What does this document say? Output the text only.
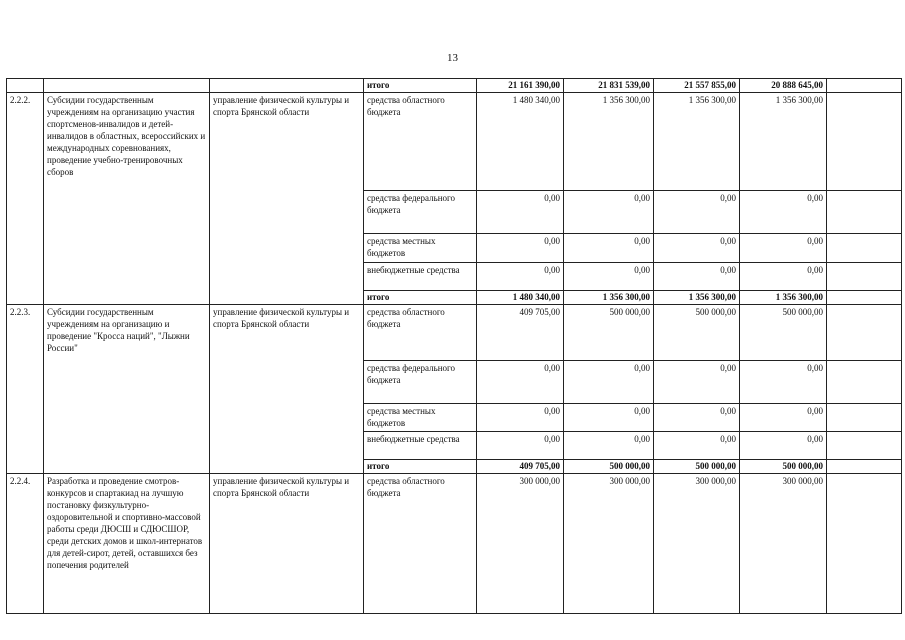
13
			итого	21 161 390,00	21 831 539,00	21 557 855,00	20 888 645,00	
2.2.2.	Субсидии государственным учреждениям на организацию участия спортсменов-инвалидов и детей-инвалидов в областных, всероссийских и международных соревнованиях, проведение учебно-тренировочных сборов	управление физической культуры и спорта Брянской области	средства областного бюджета	1 480 340,00	1 356 300,00	1 356 300,00	1 356 300,00	
			средства федерального бюджета	0,00	0,00	0,00	0,00	
			средства местных бюджетов	0,00	0,00	0,00	0,00	
			внебюджетные средства	0,00	0,00	0,00	0,00	
			итого	1 480 340,00	1 356 300,00	1 356 300,00	1 356 300,00	
2.2.3.	Субсидии государственным учреждениям на организацию и проведение "Кросса наций", "Лыжни России"	управление физической культуры и спорта Брянской области	средства областного бюджета	409 705,00	500 000,00	500 000,00	500 000,00	
			средства федерального бюджета	0,00	0,00	0,00	0,00	
			средства местных бюджетов	0,00	0,00	0,00	0,00	
			внебюджетные средства	0,00	0,00	0,00	0,00	
			итого	409 705,00	500 000,00	500 000,00	500 000,00	
2.2.4.	Разработка и проведение смотров-конкурсов и спартакиад на лучшую постановку физкультурно-оздоровительной и спортивно-массовой работы среди ДЮСШ и СДЮСШОР, среди детских домов и школ-интернатов для детей-сирот, детей, оставшихся без попечения родителей	управление физической культуры и спорта Брянской области	средства областного бюджета	300 000,00	300 000,00	300 000,00	300 000,00	
